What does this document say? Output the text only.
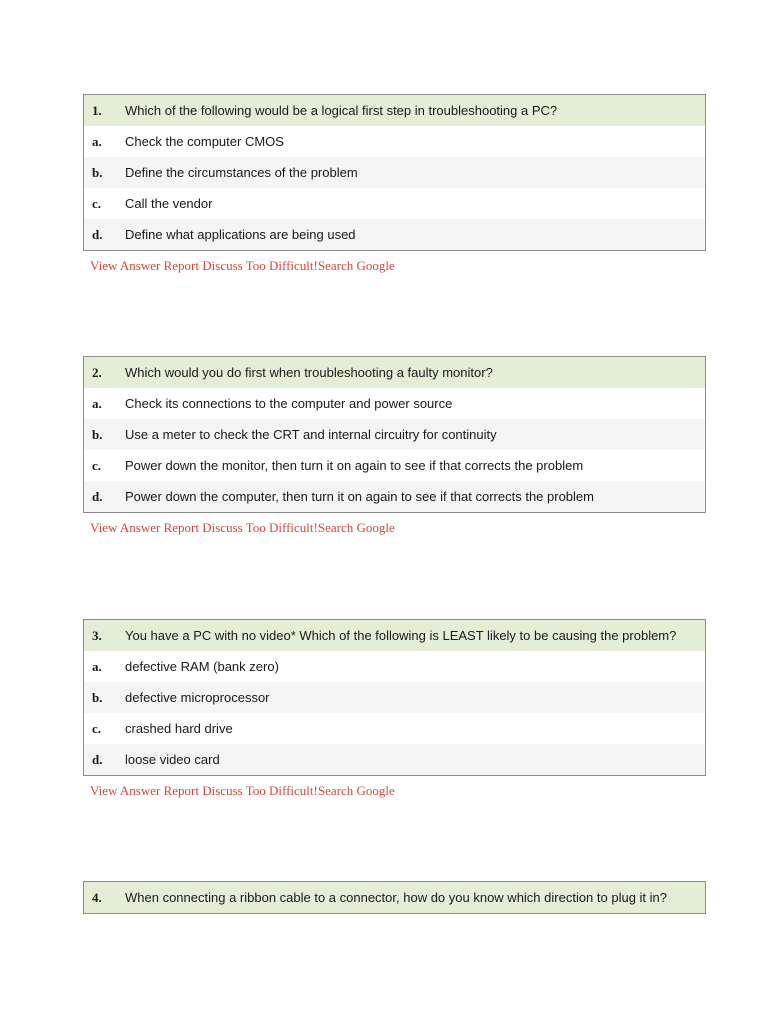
1.	Which of the following would be a logical first step in troubleshooting a PC?
a.	Check the computer CMOS
b.	Define the circumstances of the problem
c.	Call the vendor
d.	Define what applications are being used
View Answer Report Discuss Too Difficult!Search Google
2.	Which would you do first when troubleshooting a faulty monitor?
a.	Check its connections to the computer and power source
b.	Use a meter to check the CRT and internal circuitry for continuity
c.	Power down the monitor, then turn it on again to see if that corrects the problem
d.	Power down the computer, then turn it on again to see if that corrects the problem
View Answer Report Discuss Too Difficult!Search Google
3.	You have a PC with no video* Which of the following is LEAST likely to be causing the problem?
a.	defective RAM (bank zero)
b.	defective microprocessor
c.	crashed hard drive
d.	loose video card
View Answer Report Discuss Too Difficult!Search Google
4.	When connecting a ribbon cable to a connector, how do you know which direction to plug it in?
